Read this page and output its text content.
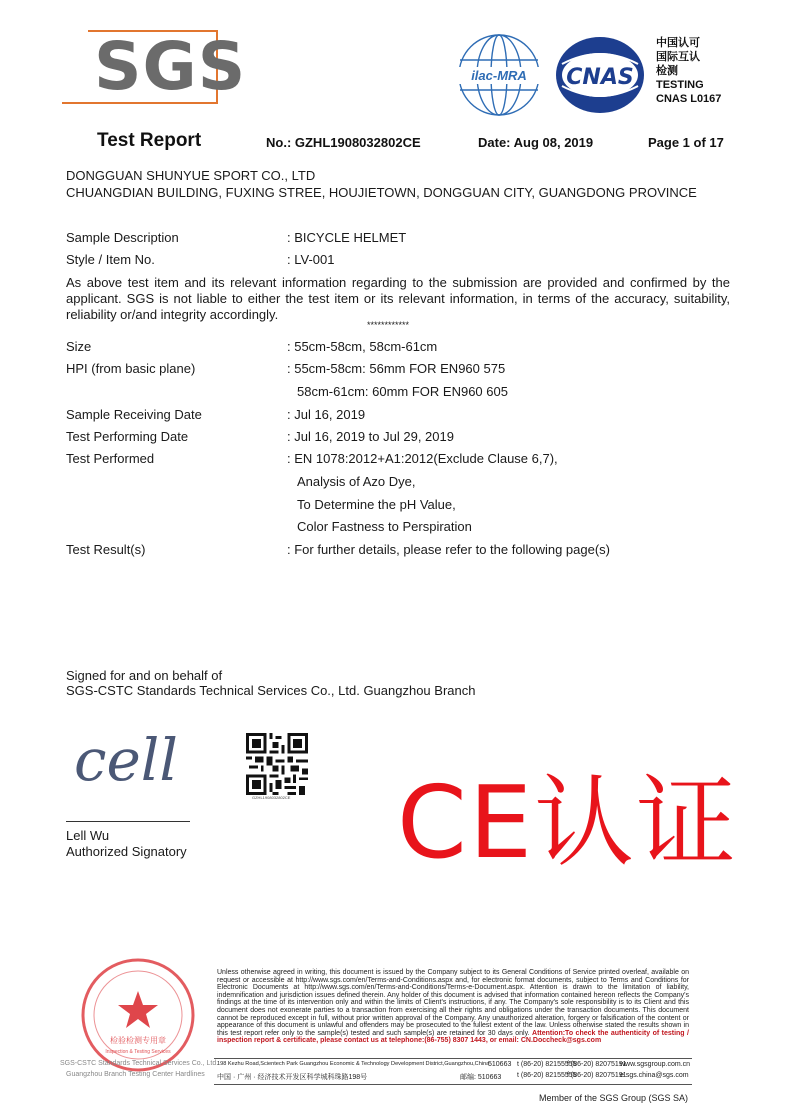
SGS	ilac-MRA CNAS
中国认可
国际互认
检测
TESTING
CNAS L0167
Test Report	No.: GZHL1908032802CE	Date: Aug 08, 2019	Page 1 of 17
DONGGUAN SHUNYUE SPORT CO., LTD
CHUANGDIAN BUILDING, FUXING STREE, HOUJIETOWN, DONGGUAN CITY, GUANGDONG PROVINCE
Sample Description	: BICYCLE HELMET
Style / Item No.	: LV-001
As above test item and its relevant information regarding to the submission are provided and confirmed by the applicant. SGS is not liable to either the test item or its relevant information, in terms of the accuracy, suitability, reliability or/and integrity accordingly.
************
Size	: 55cm-58cm, 58cm-61cm
HPI (from basic plane)	: 55cm-58cm: 56mm FOR EN960 575
58cm-61cm: 60mm FOR EN960 605
Sample Receiving Date	: Jul 16, 2019
Test Performing Date	: Jul 16, 2019 to Jul 29, 2019
Test Performed	: EN 1078:2012+A1:2012(Exclude Clause 6,7),
Analysis of Azo Dye,
To Determine the pH Value,
Color Fastness to Perspiration
Test Result(s)	: For further details, please refer to the following page(s)
Signed for and on behalf of
SGS-CSTC Standards Technical Services Co., Ltd. Guangzhou Branch
cell
Lell Wu
Authorized Signatory
GZHL1908032802CE CE认证
检验检测专用章
Inspection & Testing Services
SGS-CSTC Standards Technical Services Co., Ltd.
Guangzhou Branch Testing Center Hardlines
Unless otherwise agreed in writing, this document is issued by the Company subject to its General Conditions of Service printed overleaf, available on request or accessible at http://www.sgs.com/en/Terms-and-Conditions.aspx and, for electronic format documents, subject to Terms and Conditions for Electronic Documents at http://www.sgs.com/en/Terms-and-Conditions/Terms-e-Document.aspx. Attention is drawn to the limitation of liability, indemnification and jurisdiction issues defined therein. Any holder of this document is advised that information contained hereon reflects the Company's findings at the time of its intervention only and within the limits of Client's instructions, if any. The Company's sole responsibility is to its Client and this document does not exonerate parties to a transaction from exercising all their rights and obligations under the transaction documents. This document cannot be reproduced except in full, without prior written approval of the Company. Any unauthorized alteration, forgery or falsification of the content or appearance of this document is unlawful and offenders may be prosecuted to the fullest extent of the law. Unless otherwise stated the results shown in this test report refer only to the sample(s) tested and such sample(s) are retained for 30 days only. Attention:To check the authenticity of testing / inspection report & certificate, please contact us at telephone:(86-755) 8307 1443, or email: CN.Doccheck@sgs.com
198 Kezhu Road,Scientech Park Guangzhou Economic & Technology Development District,Guangzhou,China
510663 t (86-20) 82155555
f (86-20) 82075191
www.sgsgroup.com.cn
中国 · 广州 · 经济技术开发区科学城科珠路198号	邮编: 510663 t (86-20) 82155555
f (86-20) 82075191
e sgs.china@sgs.com
Member of the SGS Group (SGS SA)
